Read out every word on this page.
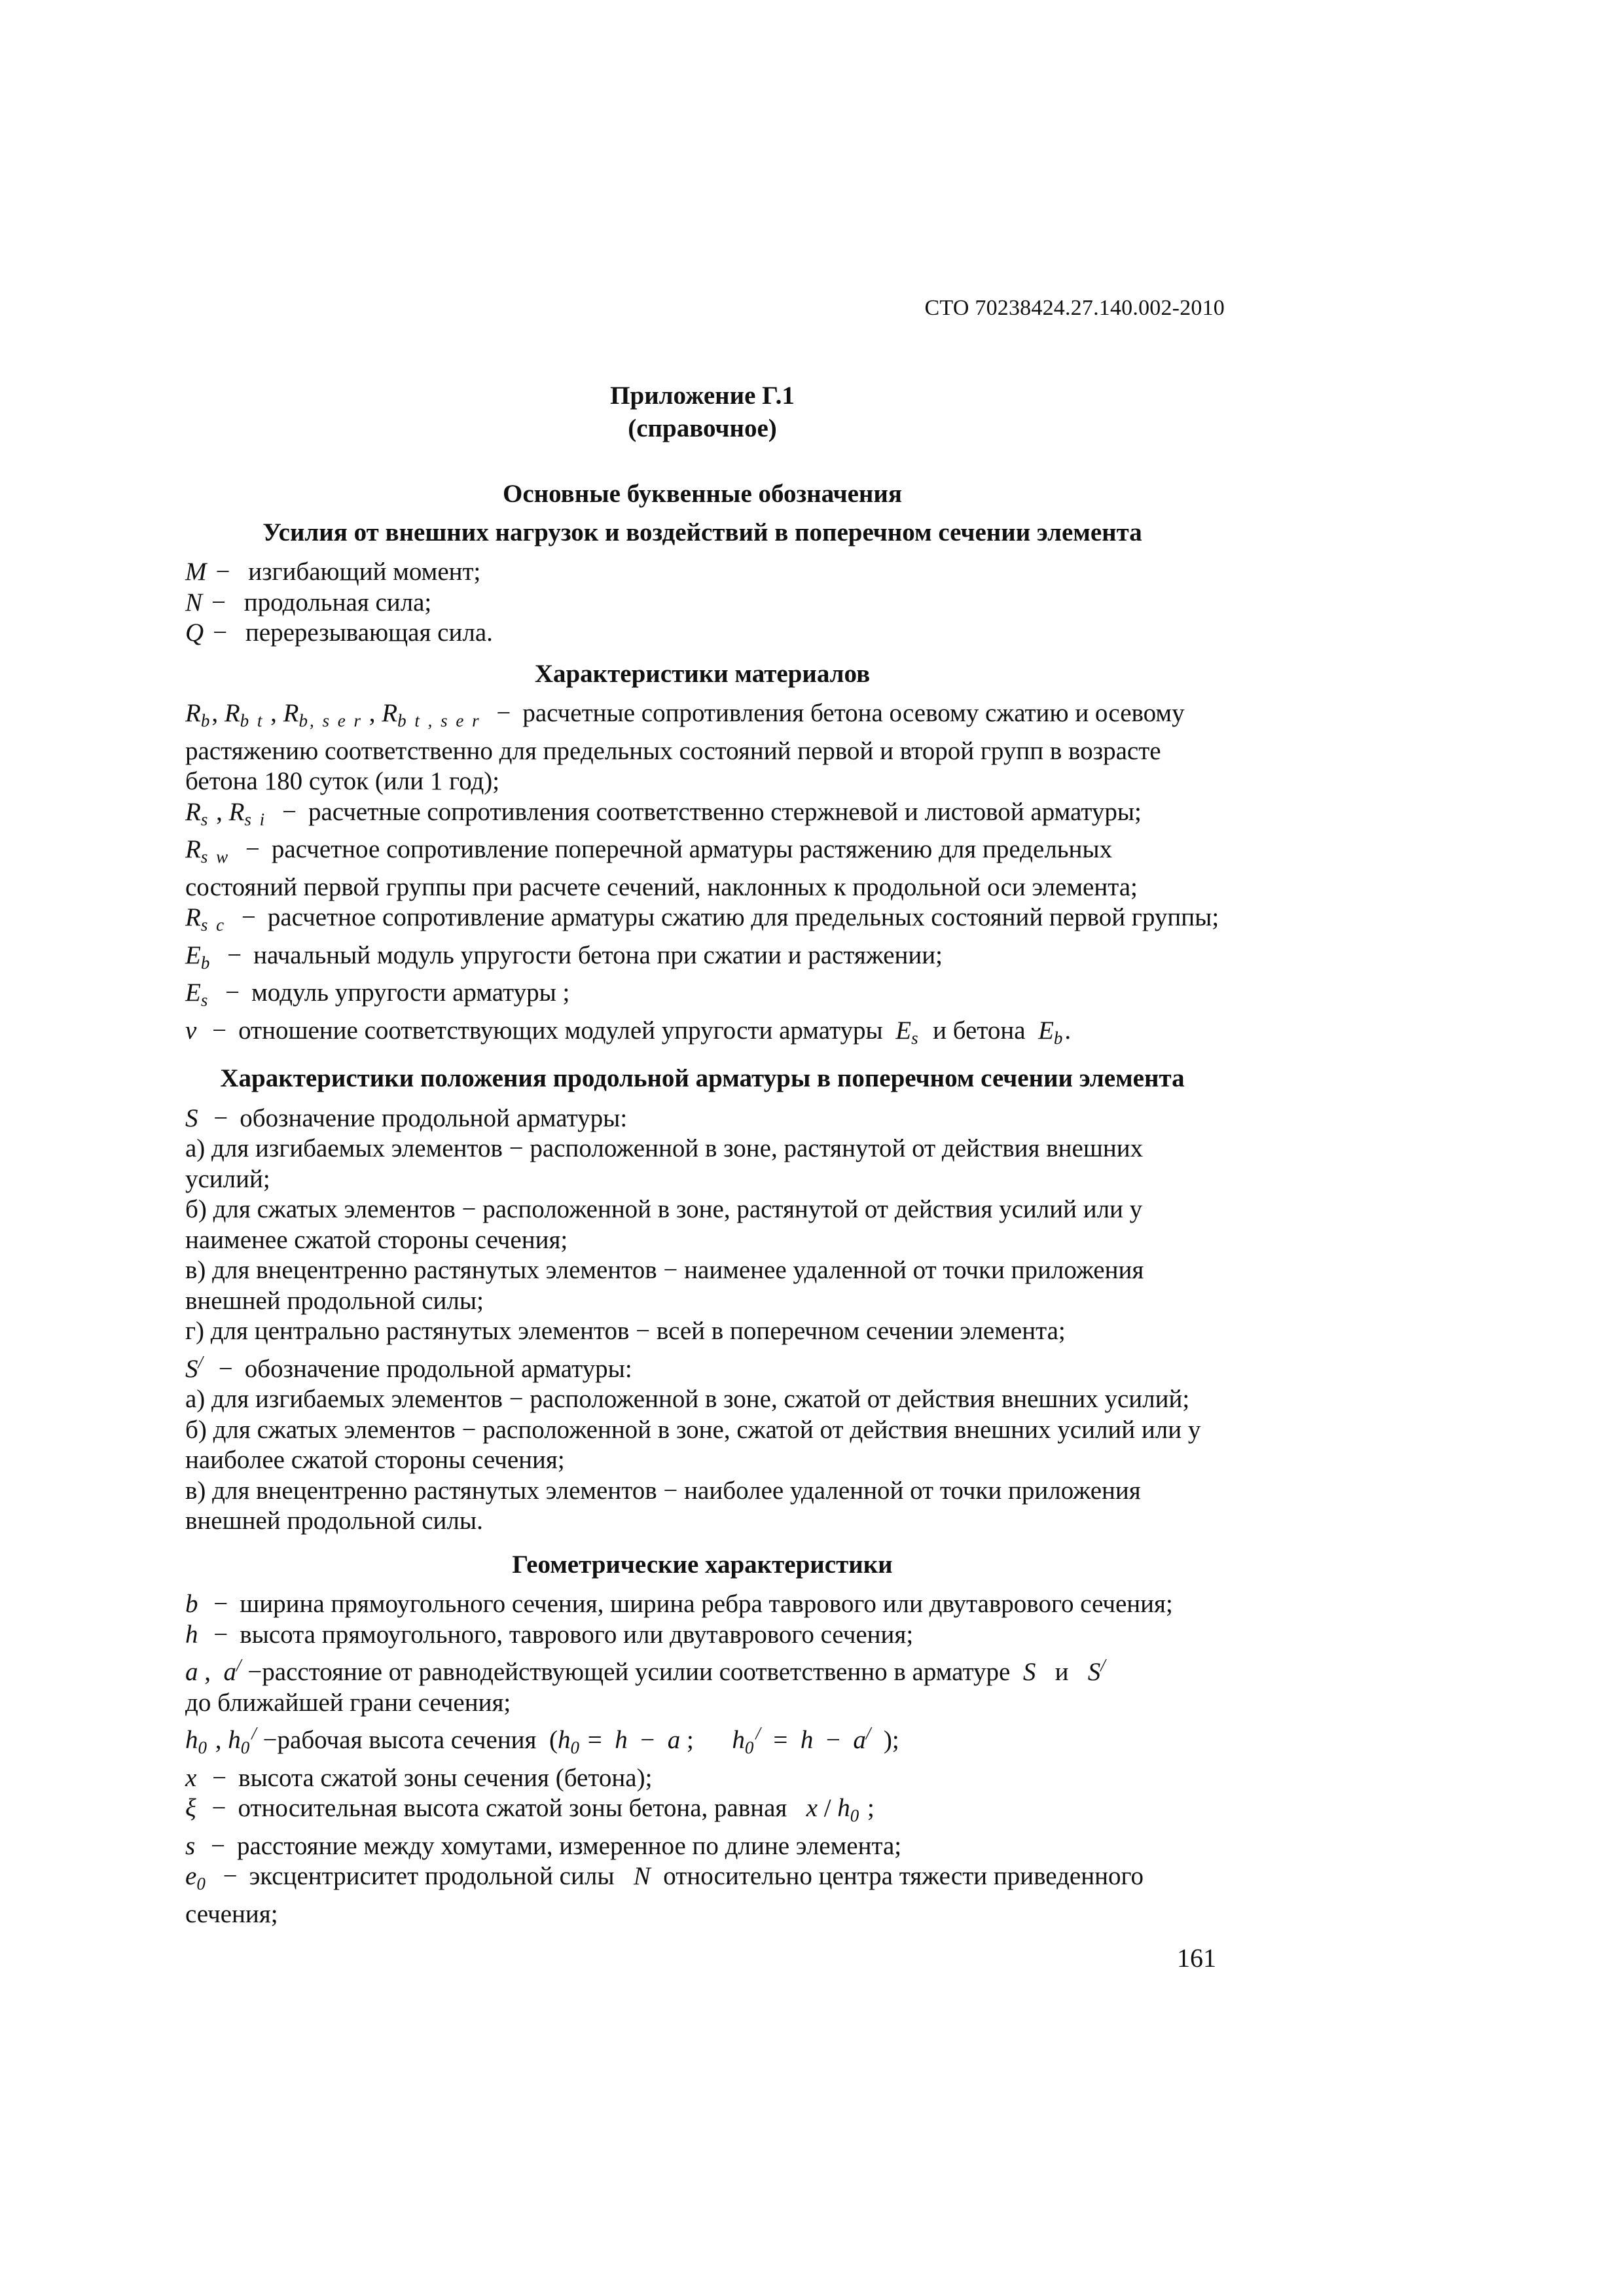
СТО 70238424.27.140.002-2010
Приложение Г.1
(справочное)
Основные буквенные обозначения
Усилия от внешних нагрузок и воздействий в поперечном сечении элемента

M − изгибающий момент;

N − продольная сила;

Q − перерезывающая сила.

Характеристики материалов

$R_b$, $R_{b t}$ , $R_{b, s e r}$ , $R_{b t , s e r}$ − расчетные сопротивления бетона осевому сжатию и осевому растяжению соответственно для предельных состояний первой и второй групп в возрасте бетона 180 суток (или 1 год);

$R_s$ , $R_{s i}$ − расчетные сопротивления соответственно стержневой и листовой арматуры;

$R_{s w}$ − расчетное сопротивление поперечной арматуры растяжению для предельных состояний первой группы при расчете сечений, наклонных к продольной оси элемента;

$R_{s c}$ − расчетное сопротивление арматуры сжатию для предельных состояний первой группы;

$E_b$ − начальный модуль упругости бетона при сжатии и растяжении;

$E_s$ − модуль упругости арматуры ;

ν − отношение соответствующих модулей упругости арматуры $E_s$ и бетона $E_b$.

Характеристики положения продольной арматуры в поперечном сечении элемента

S − обозначение продольной арматуры:

а) для изгибаемых элементов − расположенной в зоне, растянутой от действия внешних усилий;

б) для сжатых элементов − расположенной в зоне, растянутой от действия усилий или у наименее сжатой стороны сечения;

в) для внецентренно растянутых элементов − наименее удаленной от точки приложения внешней продольной силы;

г) для центрально растянутых элементов − всей в поперечном сечении элемента;

S/ − обозначение продольной арматуры:

а) для изгибаемых элементов − расположенной в зоне, сжатой от действия внешних усилий;

б) для сжатых элементов − расположенной в зоне, сжатой от действия внешних усилий или у наиболее сжатой стороны сечения;

в) для внецентренно растянутых элементов − наиболее удаленной от точки приложения внешней продольной силы.

Геометрические характеристики

b − ширина прямоугольного сечения, ширина ребра таврового или двутаврового сечения;

h − высота прямоугольного, таврового или двутаврового сечения;

a ,  a/ −расстояние от равнодействующей усилии соответственно в арматуре S   и   S/
до ближайшей грани сечения;

$h_0$ , $h_0^/$ −рабочая высота сечения  ($h_0 = h - a$ ;      $h_0^/ = h - a^/$  );

x − высота сжатой зоны сечения (бетона);

ξ − относительная высота сжатой зоны бетона, равная x / $h_0$ ;

s − расстояние между хомутами, измеренное по длине элемента;

$e_0$ − эксцентриситет продольной силы N относительно центра тяжести приведенного сечения;

161
